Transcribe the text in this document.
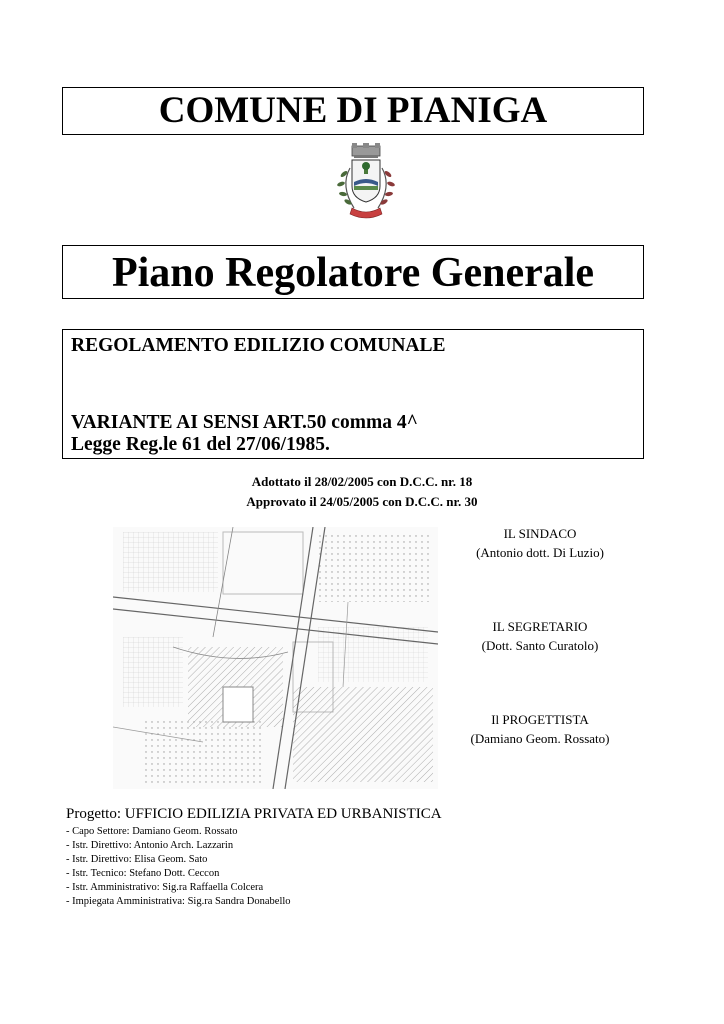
COMUNE DI PIANIGA
Piano Regolatore Generale
REGOLAMENTO EDILIZIO COMUNALE
VARIANTE AI SENSI ART.50 comma 4^
Legge Reg.le 61 del 27/06/1985.
Adottato il 28/02/2005 con D.C.C. nr. 18
Approvato il 24/05/2005 con D.C.C. nr. 30
IL SINDACO
(Antonio dott. Di Luzio)
IL SEGRETARIO
(Dott. Santo Curatolo)
Il PROGETTISTA
(Damiano Geom. Rossato)
Progetto: UFFICIO EDILIZIA PRIVATA ED URBANISTICA
- Capo Settore: Damiano Geom. Rossato
- Istr. Direttivo: Antonio Arch. Lazzarin
- Istr. Direttivo: Elisa Geom. Sato
- Istr. Tecnico: Stefano Dott. Ceccon
- Istr. Amministrativo: Sig.ra Raffaella Colcera
- Impiegata Amministrativa: Sig.ra Sandra Donabello
